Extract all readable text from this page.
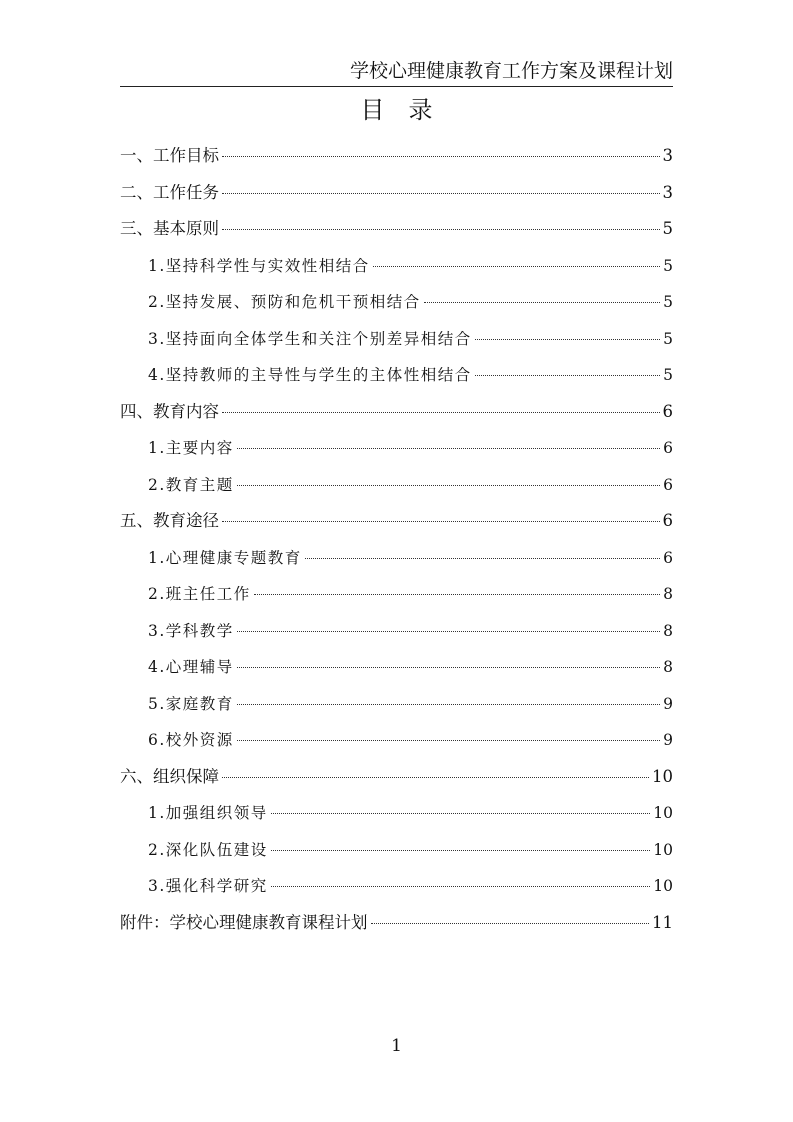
学校心理健康教育工作方案及课程计划
目 录
一、工作目标	3
二、工作任务	3
三、基本原则	5
1.坚持科学性与实效性相结合	5
2.坚持发展、预防和危机干预相结合	5
3.坚持面向全体学生和关注个别差异相结合	5
4.坚持教师的主导性与学生的主体性相结合	5
四、教育内容	6
1.主要内容	6
2.教育主题	6
五、教育途径	6
1.心理健康专题教育	6
2.班主任工作	8
3.学科教学	8
4.心理辅导	8
5.家庭教育	9
6.校外资源	9
六、组织保障	10
1.加强组织领导	10
2.深化队伍建设	10
3.强化科学研究	10
附件：学校心理健康教育课程计划	11
1
